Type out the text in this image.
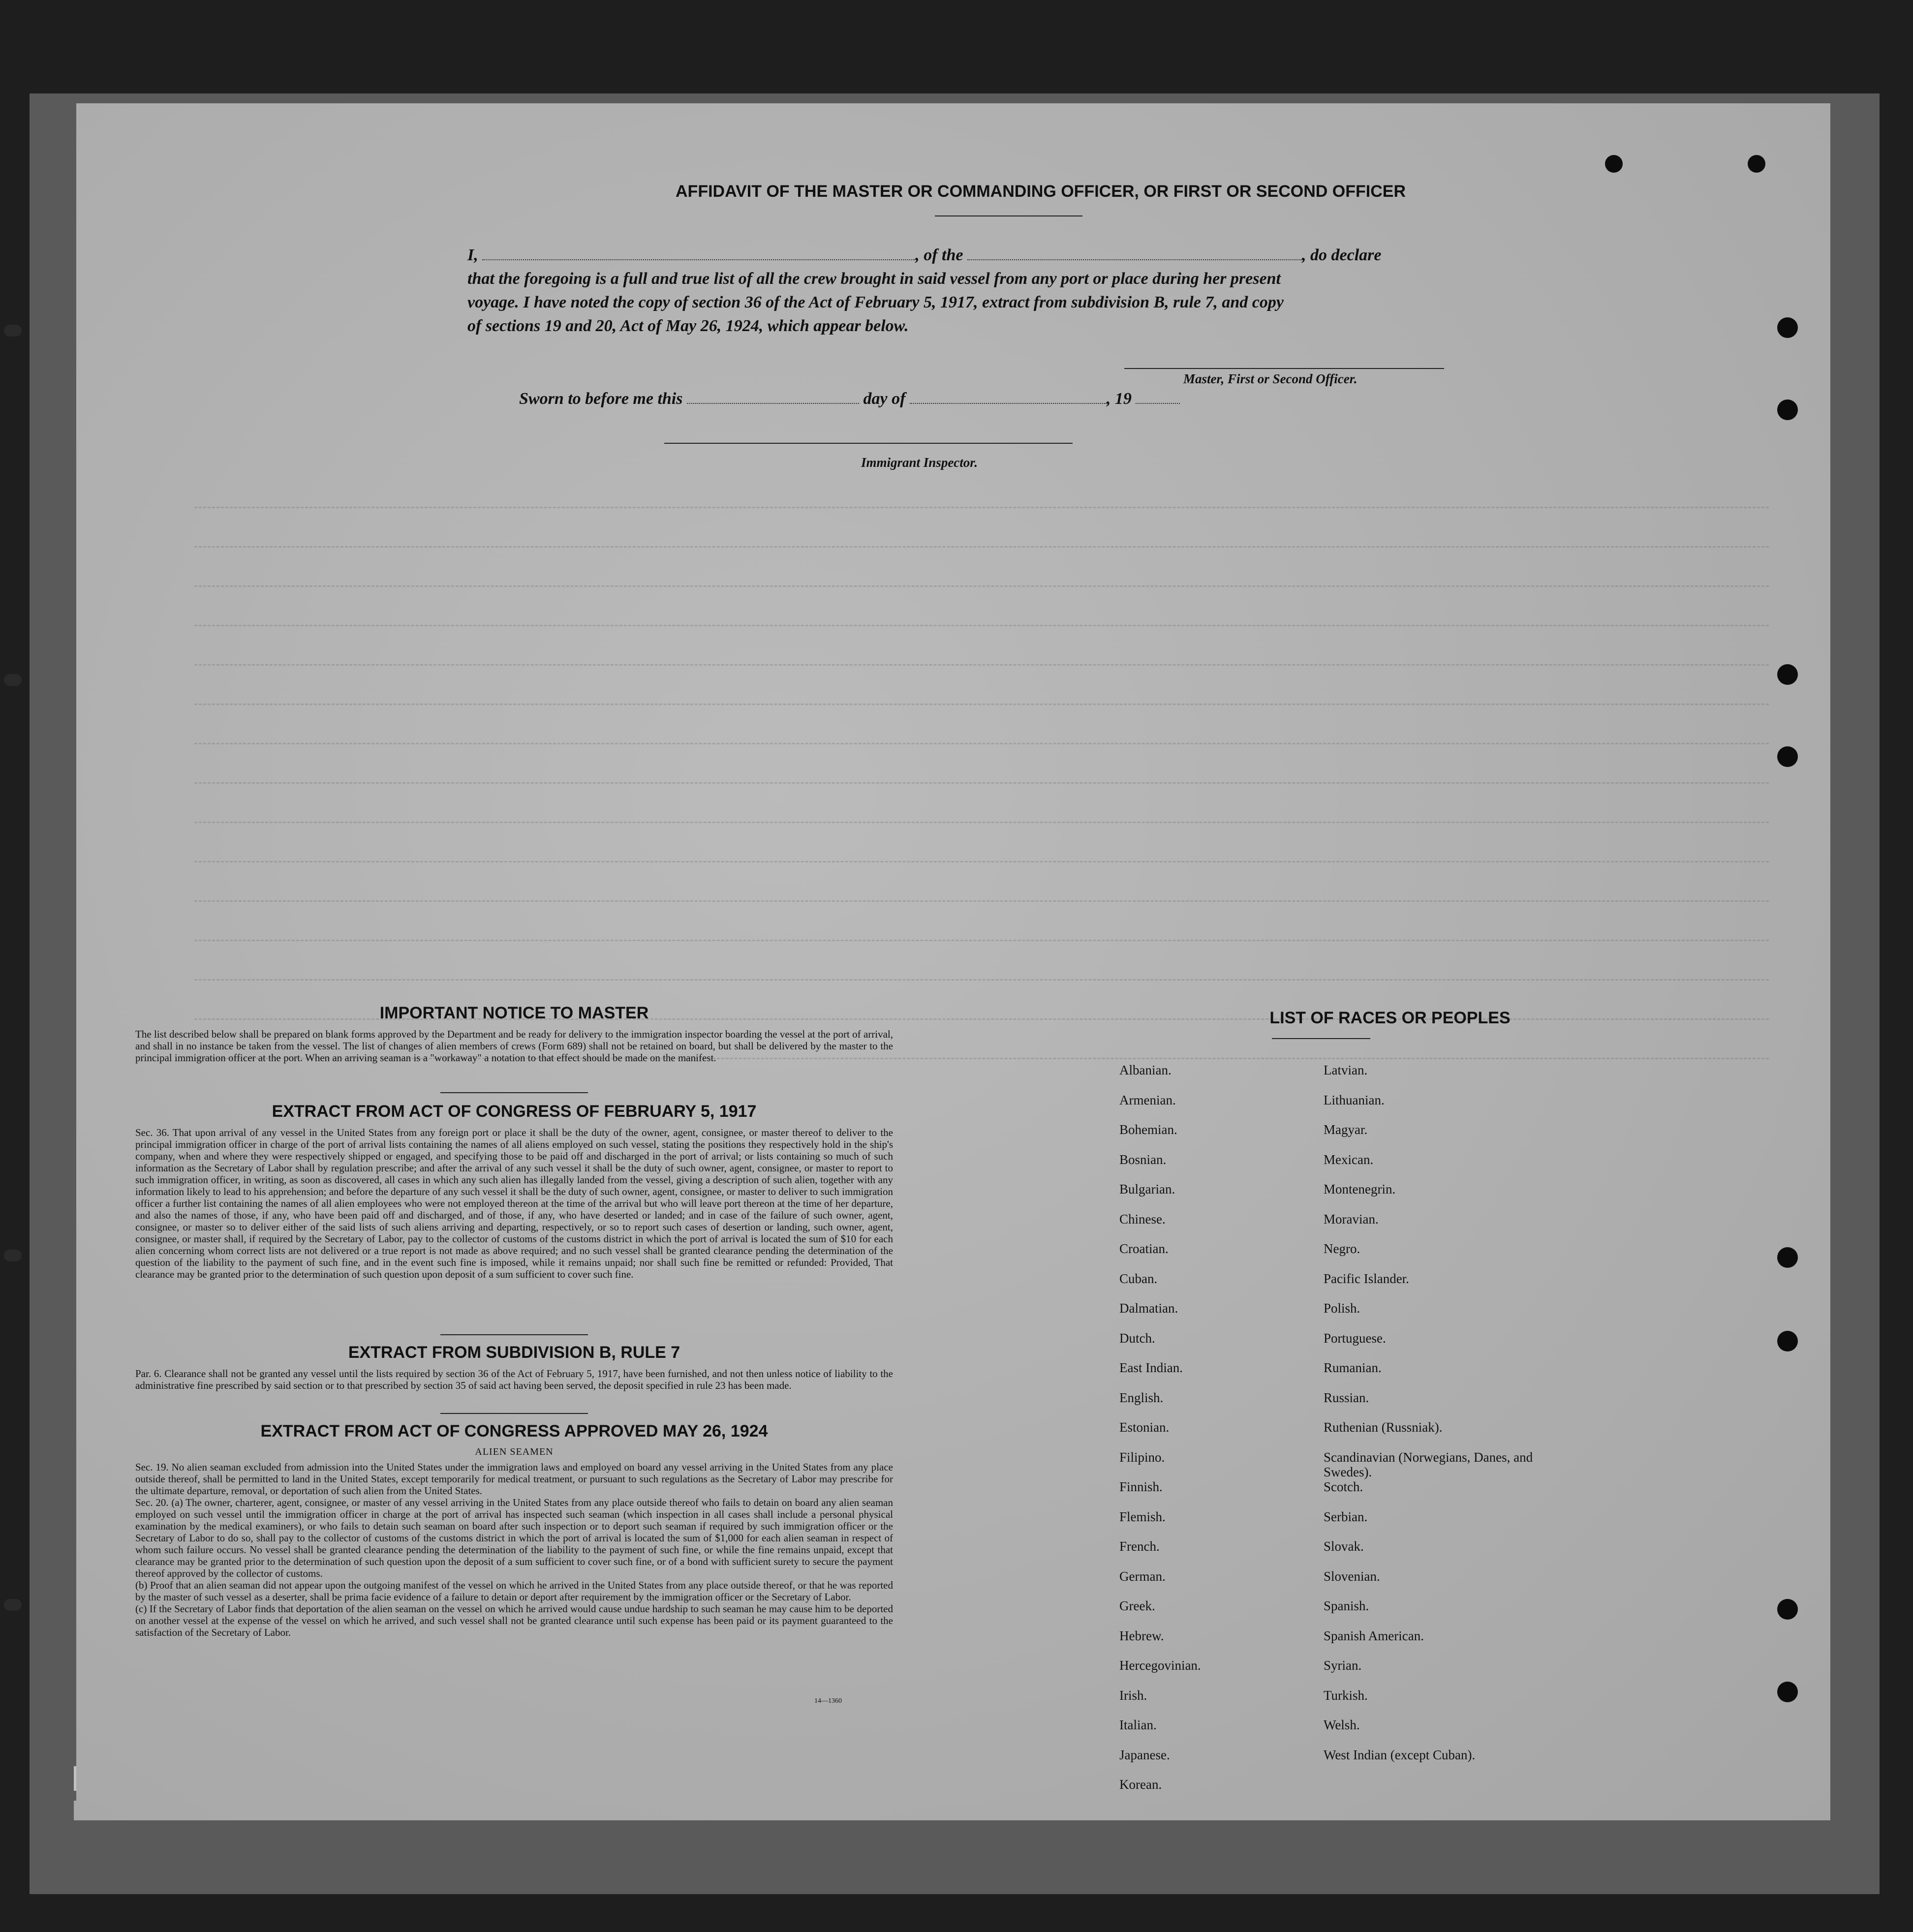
AFFIDAVIT OF THE MASTER OR COMMANDING OFFICER, OR FIRST OR SECOND OFFICER
I,	, of the	, do declare
that the foregoing is a full and true list of all the crew brought in said vessel from any port or place during her present
voyage. I have noted the copy of section 36 of the Act of February 5, 1917, extract from subdivision B, rule 7, and copy
of sections 19 and 20, Act of May 26, 1924, which appear below.
Master, First or Second Officer.
Sworn to before me this	day of	, 19
Immigrant Inspector.
IMPORTANT NOTICE TO MASTER
The list described below shall be prepared on blank forms approved by the Department and be ready for delivery to the immigration inspector boarding the vessel at the port of arrival, and shall in no instance be taken from the vessel. The list of changes of alien members of crews (Form 689) shall not be retained on board, but shall be delivered by the master to the principal immigration officer at the port. When an arriving seaman is a "workaway" a notation to that effect should be made on the manifest.
EXTRACT FROM ACT OF CONGRESS OF FEBRUARY 5, 1917
Sec. 36. That upon arrival of any vessel in the United States from any foreign port or place it shall be the duty of the owner, agent, consignee, or master thereof to deliver to the principal immigration officer in charge of the port of arrival lists containing the names of all aliens employed on such vessel, stating the positions they respectively hold in the ship's company, when and where they were respectively shipped or engaged, and specifying those to be paid off and discharged in the port of arrival; or lists containing so much of such information as the Secretary of Labor shall by regulation prescribe; and after the arrival of any such vessel it shall be the duty of such owner, agent, consignee, or master to report to such immigration officer, in writing, as soon as discovered, all cases in which any such alien has illegally landed from the vessel, giving a description of such alien, together with any information likely to lead to his apprehension; and before the departure of any such vessel it shall be the duty of such owner, agent, consignee, or master to deliver to such immigration officer a further list containing the names of all alien employees who were not employed thereon at the time of the arrival but who will leave port thereon at the time of her departure, and also the names of those, if any, who have been paid off and discharged, and of those, if any, who have deserted or landed; and in case of the failure of such owner, agent, consignee, or master so to deliver either of the said lists of such aliens arriving and departing, respectively, or so to report such cases of desertion or landing, such owner, agent, consignee, or master shall, if required by the Secretary of Labor, pay to the collector of customs of the customs district in which the port of arrival is located the sum of $10 for each alien concerning whom correct lists are not delivered or a true report is not made as above required; and no such vessel shall be granted clearance pending the determination of the question of the liability to the payment of such fine, and in the event such fine is imposed, while it remains unpaid; nor shall such fine be remitted or refunded: Provided, That clearance may be granted prior to the determination of such question upon deposit of a sum sufficient to cover such fine.
EXTRACT FROM SUBDIVISION B, RULE 7
Par. 6. Clearance shall not be granted any vessel until the lists required by section 36 of the Act of February 5, 1917, have been furnished, and not then unless notice of liability to the administrative fine prescribed by said section or to that prescribed by section 35 of said act having been served, the deposit specified in rule 23 has been made.
EXTRACT FROM ACT OF CONGRESS APPROVED MAY 26, 1924
ALIEN SEAMEN
Sec. 19. No alien seaman excluded from admission into the United States under the immigration laws and employed on board any vessel arriving in the United States from any place outside thereof, shall be permitted to land in the United States, except temporarily for medical treatment, or pursuant to such regulations as the Secretary of Labor may prescribe for the ultimate departure, removal, or deportation of such alien from the United States.
Sec. 20. (a) The owner, charterer, agent, consignee, or master of any vessel arriving in the United States from any place outside thereof who fails to detain on board any alien seaman employed on such vessel until the immigration officer in charge at the port of arrival has inspected such seaman (which inspection in all cases shall include a personal physical examination by the medical examiners), or who fails to detain such seaman on board after such inspection or to deport such seaman if required by such immigration officer or the Secretary of Labor to do so, shall pay to the collector of customs of the customs district in which the port of arrival is located the sum of $1,000 for each alien seaman in respect of whom such failure occurs. No vessel shall be granted clearance pending the determination of the liability to the payment of such fine, or while the fine remains unpaid, except that clearance may be granted prior to the determination of such question upon the deposit of a sum sufficient to cover such fine, or of a bond with sufficient surety to secure the payment thereof approved by the collector of customs.
(b) Proof that an alien seaman did not appear upon the outgoing manifest of the vessel on which he arrived in the United States from any place outside thereof, or that he was reported by the master of such vessel as a deserter, shall be prima facie evidence of a failure to detain or deport after requirement by the immigration officer or the Secretary of Labor.
(c) If the Secretary of Labor finds that deportation of the alien seaman on the vessel on which he arrived would cause undue hardship to such seaman he may cause him to be deported on another vessel at the expense of the vessel on which he arrived, and such vessel shall not be granted clearance until such expense has been paid or its payment guaranteed to the satisfaction of the Secretary of Labor.
14—1360
LIST OF RACES OR PEOPLES
Albanian.
Armenian.
Bohemian.
Bosnian.
Bulgarian.
Chinese.
Croatian.
Cuban.
Dalmatian.
Dutch.
East Indian.
English.
Estonian.
Filipino.
Finnish.
Flemish.
French.
German.
Greek.
Hebrew.
Hercegovinian.
Irish.
Italian.
Japanese.
Korean.
Latvian.
Lithuanian.
Magyar.
Mexican.
Montenegrin.
Moravian.
Negro.
Pacific Islander.
Polish.
Portuguese.
Rumanian.
Russian.
Ruthenian (Russniak).
Scandinavian (Norwegians, Danes, and Swedes).
Scotch.
Serbian.
Slovak.
Slovenian.
Spanish.
Spanish American.
Syrian.
Turkish.
Welsh.
West Indian (except Cuban).
